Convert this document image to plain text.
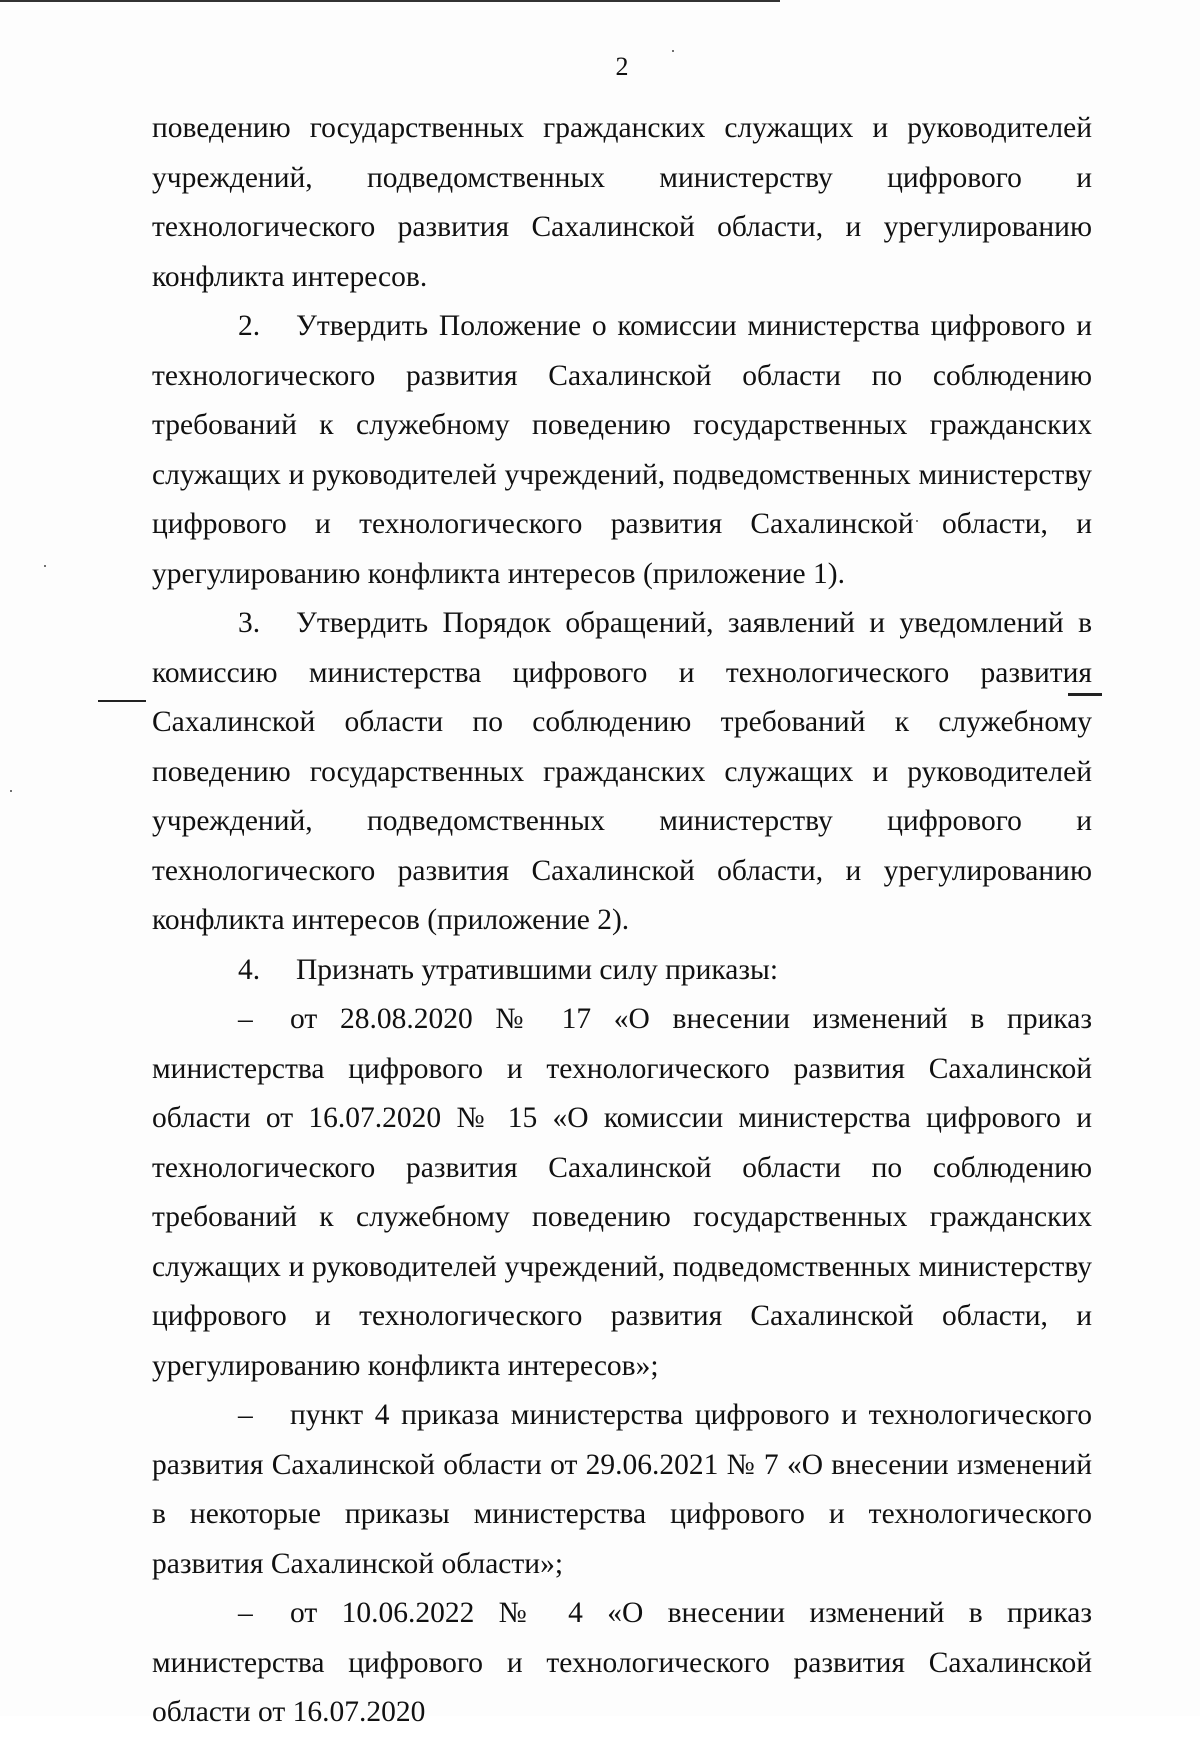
2

поведению государственных гражданских служащих и руководителей учреждений, подведомственных министерству цифрового и технологического развития Сахалинской области, и урегулированию конфликта интересов.

2. Утвердить Положение о комиссии министерства цифрового и технологического развития Сахалинской области по соблюдению требований к служебному поведению государственных гражданских служащих и руководителей учреждений, подведомственных министерству цифрового и технологического развития Сахалинской области, и урегулированию конфликта интересов (приложение 1).

3. Утвердить Порядок обращений, заявлений и уведомлений в комиссию министерства цифрового и технологического развития Сахалинской области по соблюдению требований к служебному поведению государственных гражданских служащих и руководителей учреждений, подведомственных министерству цифрового и технологического развития Сахалинской области, и урегулированию конфликта интересов (приложение 2).

4. Признать утратившими силу приказы:

– от 28.08.2020 № 17 «О внесении изменений в приказ министерства цифрового и технологического развития Сахалинской области от 16.07.2020 № 15 «О комиссии министерства цифрового и технологического развития Сахалинской области по соблюдению требований к служебному поведению государственных гражданских служащих и руководителей учреждений, подведомственных министерству цифрового и технологического развития Сахалинской области, и урегулированию конфликта интересов»;

– пункт 4 приказа министерства цифрового и технологического развития Сахалинской области от 29.06.2021 № 7 «О внесении изменений в некоторые приказы министерства цифрового и технологического развития Сахалинской области»;

– от 10.06.2022 № 4 «О внесении изменений в приказ министерства цифрового и технологического развития Сахалинской области от 16.07.2020
